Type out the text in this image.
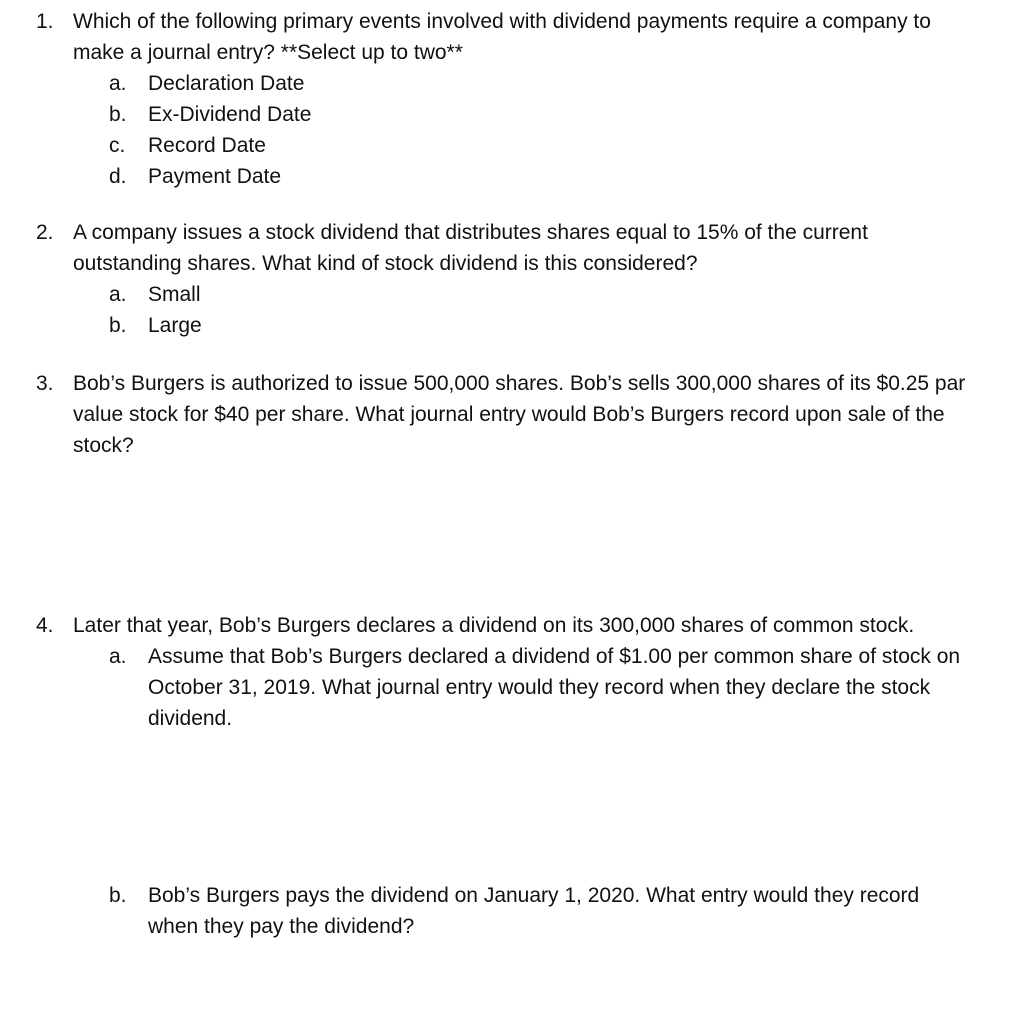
1. Which of the following primary events involved with dividend payments require a company to make a journal entry? **Select up to two**
a.	Declaration Date
b.	Ex-Dividend Date
c.	Record Date
d.	Payment Date
2. A company issues a stock dividend that distributes shares equal to 15% of the current outstanding shares. What kind of stock dividend is this considered?
a.	Small
b.	Large
3. Bob’s Burgers is authorized to issue 500,000 shares. Bob’s sells 300,000 shares of its $0.25 par value stock for $40 per share. What journal entry would Bob’s Burgers record upon sale of the stock?
4. Later that year, Bob’s Burgers declares a dividend on its 300,000 shares of common stock.
a.	Assume that Bob’s Burgers declared a dividend of $1.00 per common share of stock on October 31, 2019. What journal entry would they record when they declare the stock dividend.
b.	Bob’s Burgers pays the dividend on January 1, 2020. What entry would they record when they pay the dividend?
